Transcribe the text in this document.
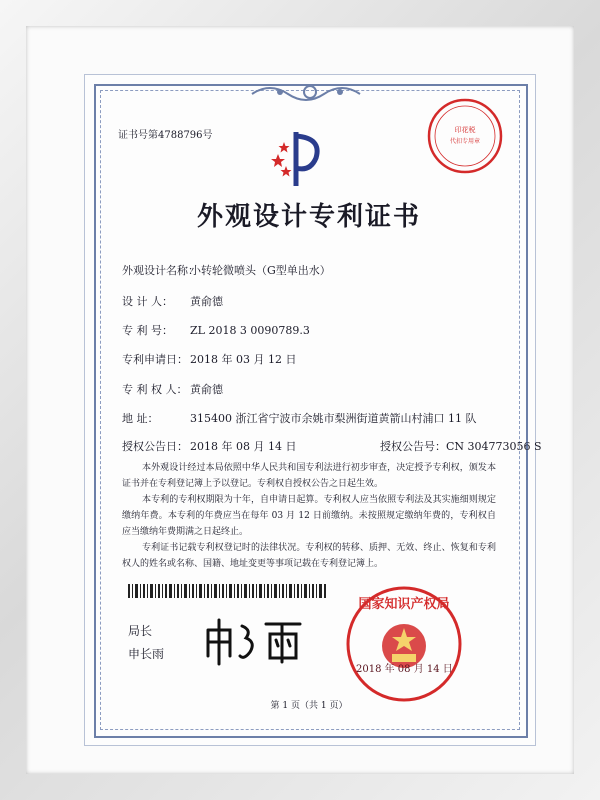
证书号第4788796号	印花税
代扣专用章
外观设计专利证书
外观设计名称：小转轮微喷头（G型单出水）
设 计 人： 黄俞德
专 利 号： ZL 2018 3 0090789.3
专利申请日： 2018 年 03 月 12 日
专 利 权 人： 黄俞德
地 址：	315400 浙江省宁波市余姚市梨洲街道黄箭山村浦口 11 队
授权公告日： 2018 年 08 月 14 日	授权公告号：CN 304773056 S

本外观设计经过本局依照中华人民共和国专利法进行初步审查，决定授予专利权，颁发本证书并在专利登记簿上予以登记。专利权自授权公告之日起生效。

本专利的专利权期限为十年，自申请日起算。专利权人应当依照专利法及其实施细则规定缴纳年费。本专利的年费应当在每年 03 月 12 日前缴纳。未按照规定缴纳年费的，专利权自应当缴纳年费期满之日起终止。

专利证书记载专利权登记时的法律状况。专利权的转移、质押、无效、终止、恢复和专利权人的姓名或名称、国籍、地址变更等事项记载在专利登记簿上。

局长
申长雨
国家知识产权局
2018 年 08 月 14 日
第 1 页（共 1 页）
